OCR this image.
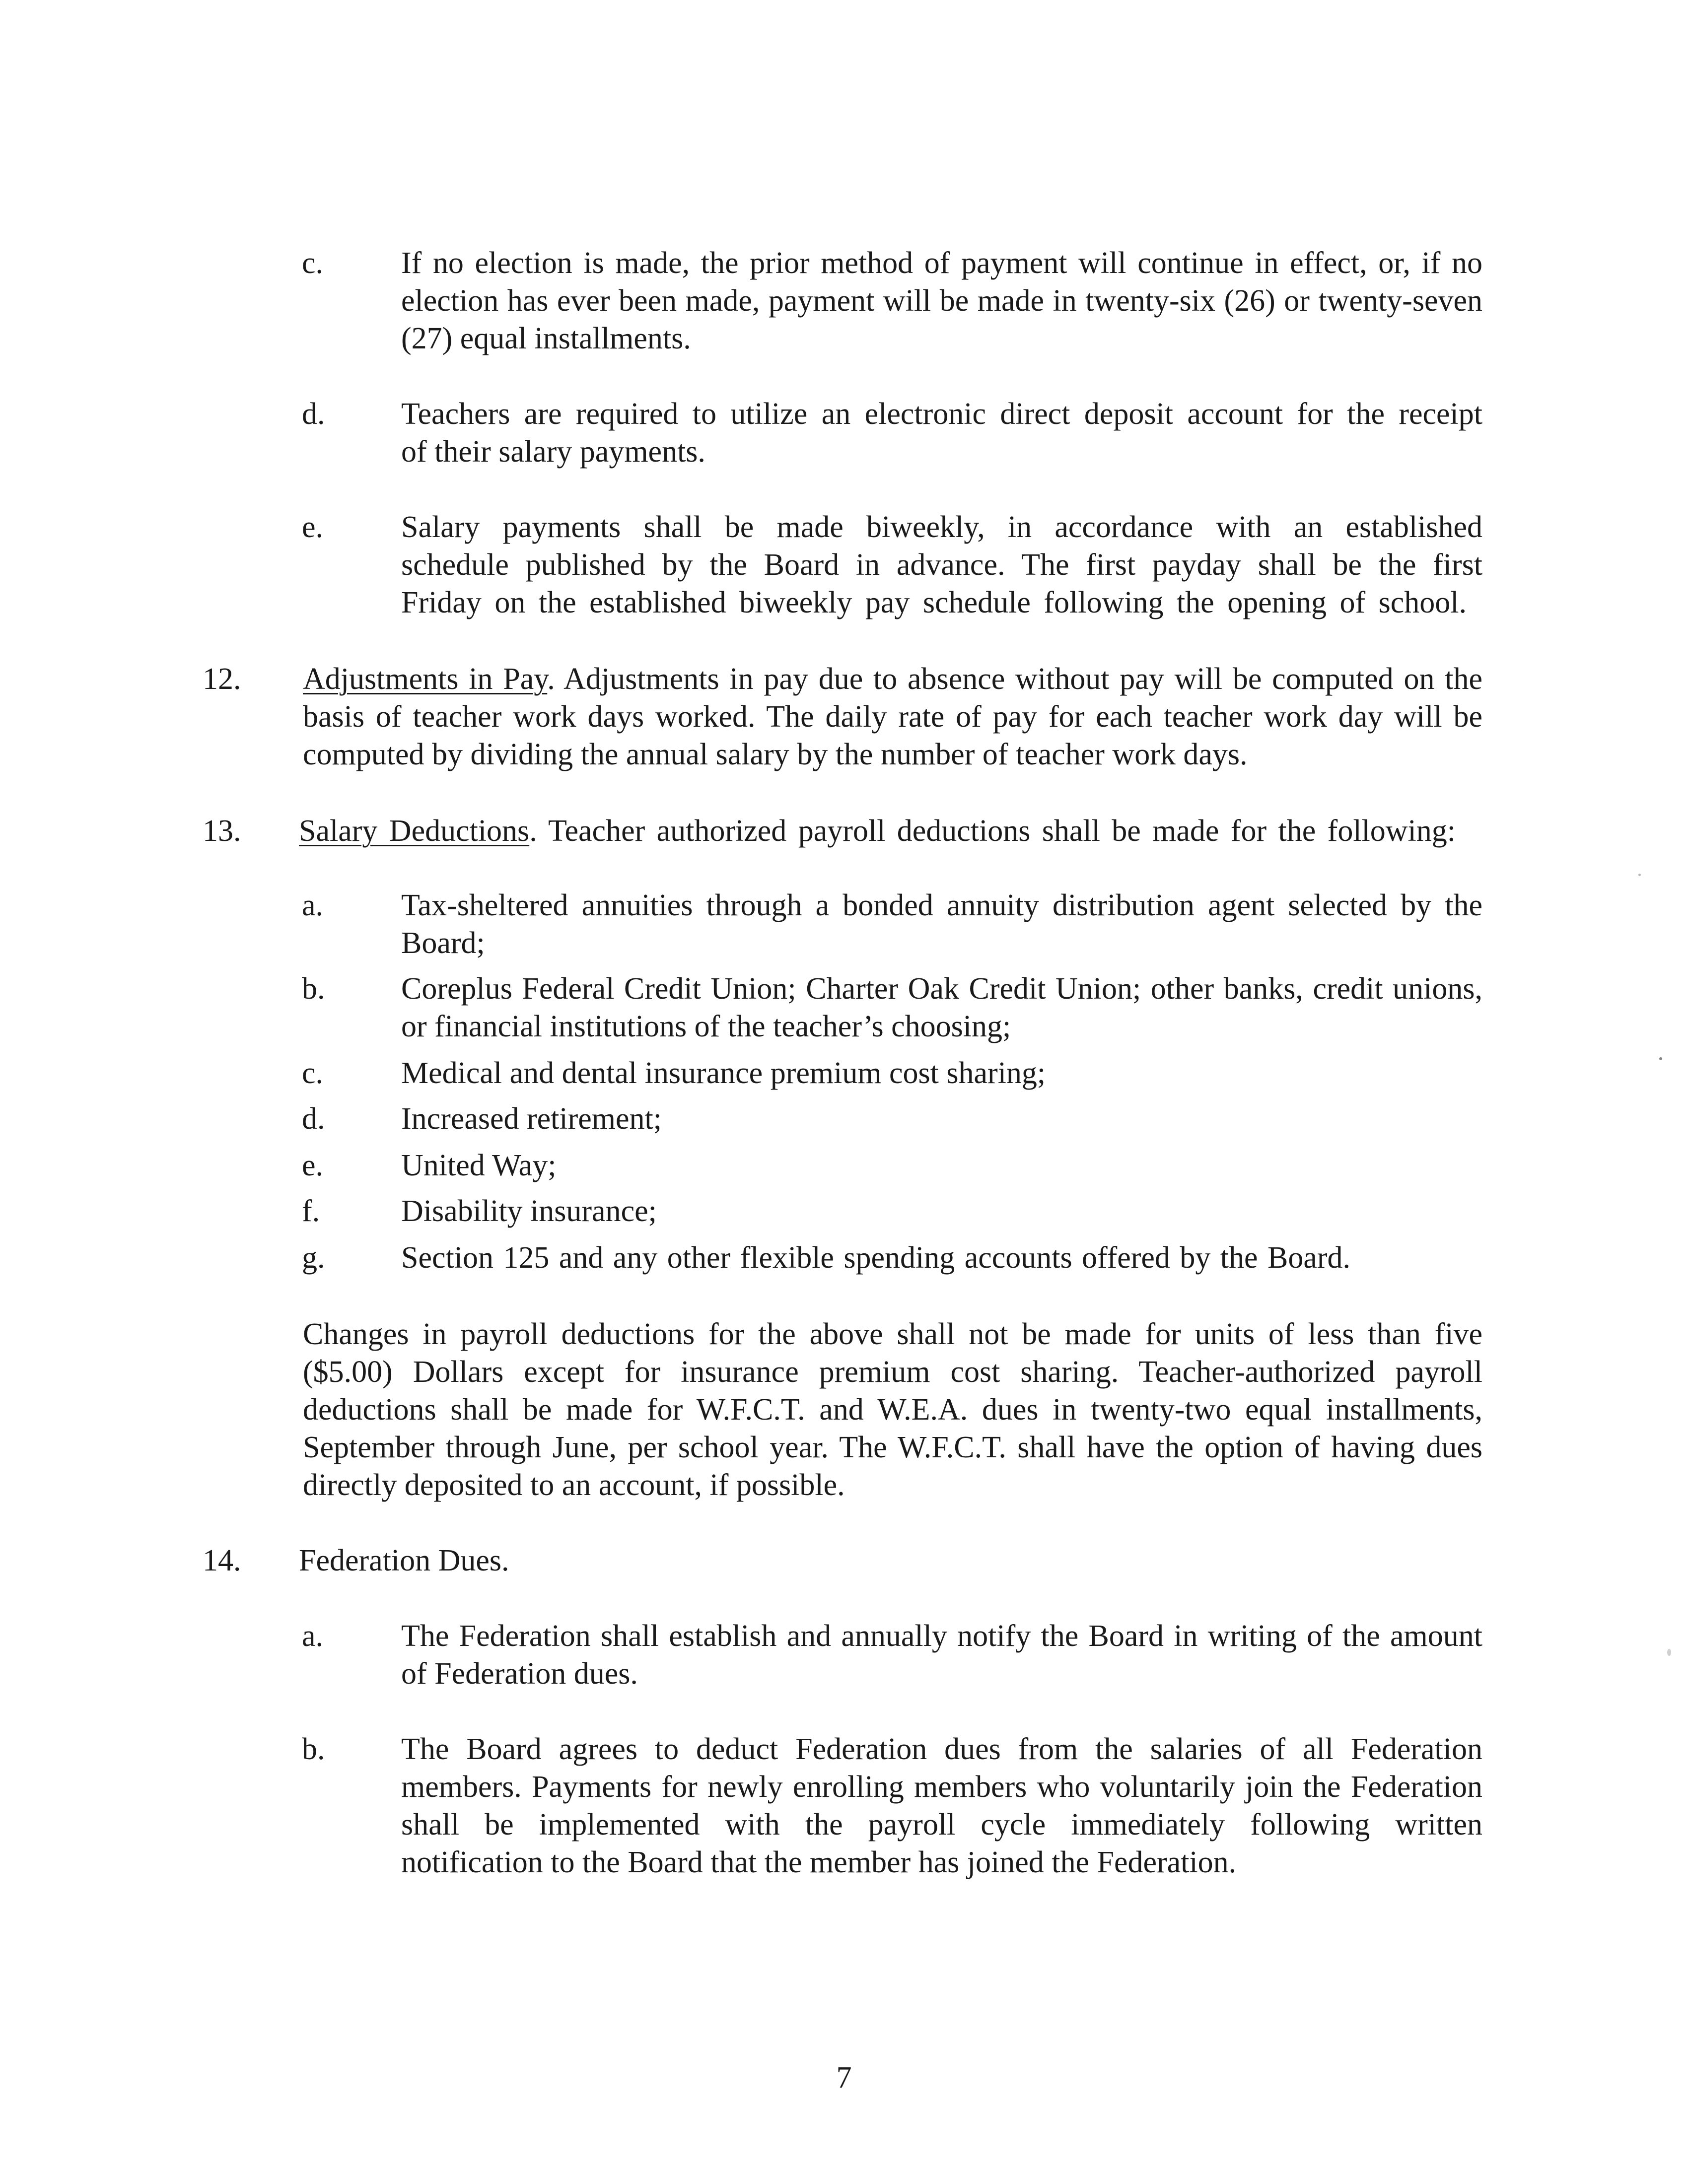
c.	If no election is made, the prior method of payment will continue in effect, or, if no
election has ever been made, payment will be made in twenty-six (26) or twenty-seven
(27) equal installments.
d. Teachers are required to utilize an electronic direct deposit account for the receipt
of their salary payments.
e.	Salary payments shall be made biweekly, in accordance with an established
schedule published by the Board in advance. The first payday shall be the first
Friday on the established biweekly pay schedule following the opening of school.
12. Adjustments in Pay. Adjustments in pay due to absence without pay will be computed on the
basis of teacher work days worked. The daily rate of pay for each teacher work day will be
computed by dividing the annual salary by the number of teacher work days.
13. Salary Deductions. Teacher authorized payroll deductions shall be made for the following:
a.	Tax-sheltered annuities through a bonded annuity distribution agent selected by the
Board;
b. Coreplus Federal Credit Union; Charter Oak Credit Union; other banks, credit unions,
or financial institutions of the teacher’s choosing;
c.	Medical and dental insurance premium cost sharing;
d. Increased retirement;
e.	United Way;
f.	Disability insurance;
g. Section 125 and any other flexible spending accounts offered by the Board.
Changes in payroll deductions for the above shall not be made for units of less than five
($5.00) Dollars except for insurance premium cost sharing. Teacher-authorized payroll
deductions shall be made for W.F.C.T. and W.E.A. dues in twenty-two equal installments,
September through June, per school year. The W.F.C.T. shall have the option of having dues
directly deposited to an account, if possible.
14. Federation Dues.
a.	The Federation shall establish and annually notify the Board in writing of the amount
of Federation dues.
b. The Board agrees to deduct Federation dues from the salaries of all Federation
members. Payments for newly enrolling members who voluntarily join the Federation
shall be implemented with the payroll cycle immediately following written
notification to the Board that the member has joined the Federation.
7
